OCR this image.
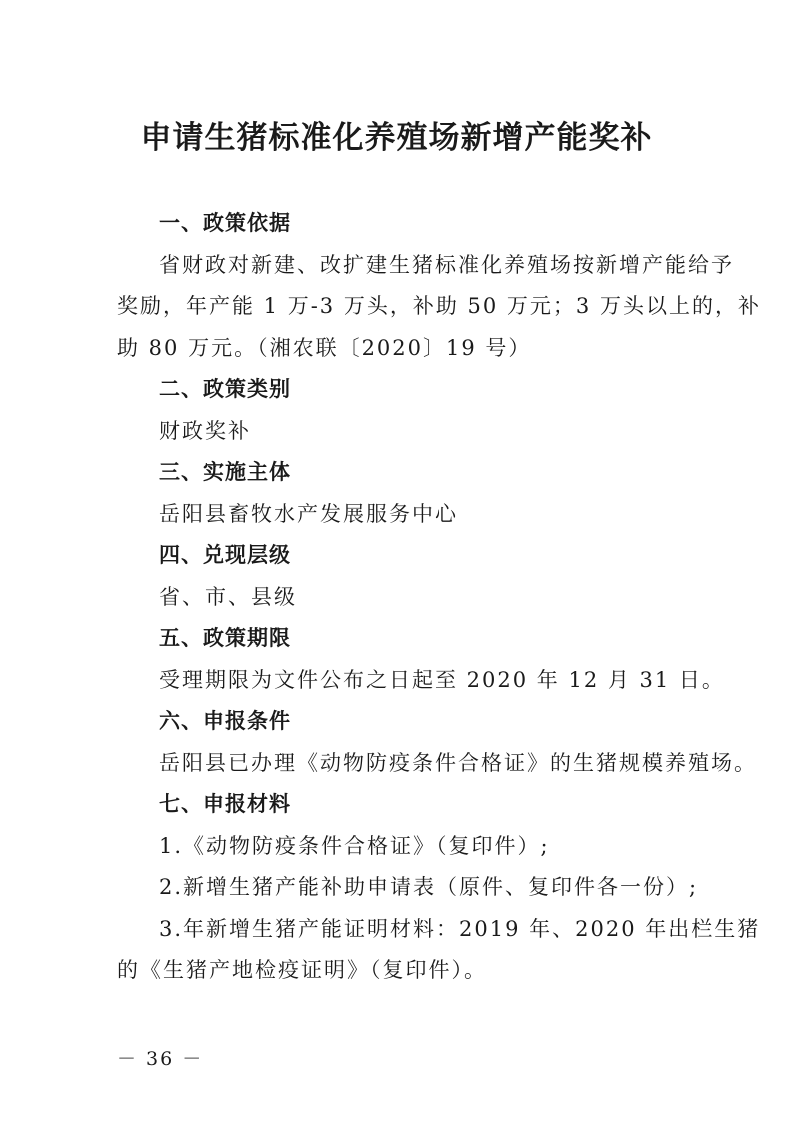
申请生猪标准化养殖场新增产能奖补

一、政策依据

省财政对新建、改扩建生猪标准化养殖场按新增产能给予

奖励，年产能 1 万-3 万头，补助 50 万元；3 万头以上的，补

助 80 万元。（湘农联〔2020〕19 号）

二、政策类别

财政奖补

三、实施主体

岳阳县畜牧水产发展服务中心

四、兑现层级

省、市、县级

五、政策期限

受理期限为文件公布之日起至 2020 年 12 月 31 日。

六、申报条件

岳阳县已办理《动物防疫条件合格证》的生猪规模养殖场。

七、申报材料

1.《动物防疫条件合格证》（复印件）;

2.新增生猪产能补助申请表（原件、复印件各一份）;

3.年新增生猪产能证明材料：2019 年、2020 年出栏生猪

的《生猪产地检疫证明》（复印件）。

－ 36 －
